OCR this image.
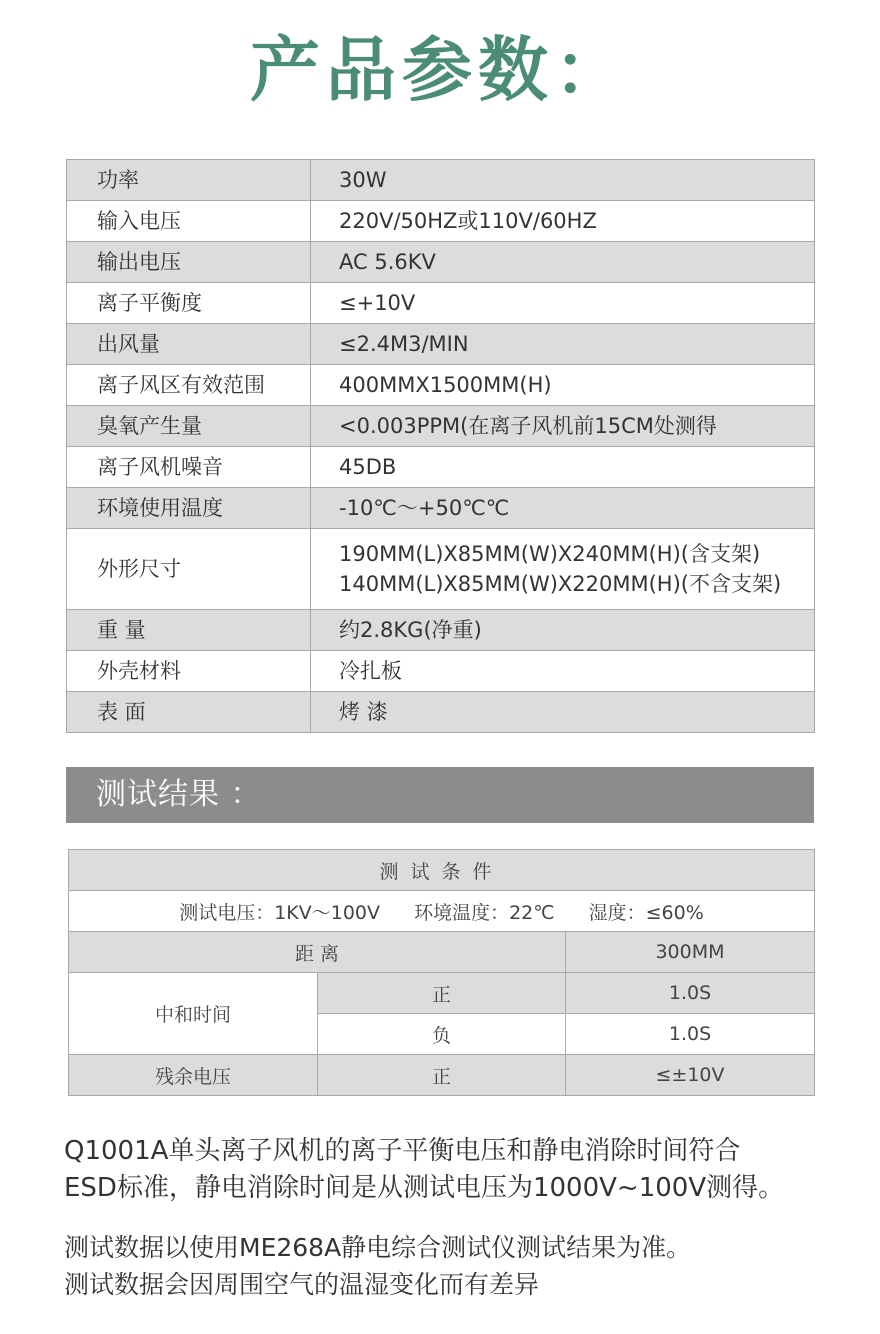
产品参数：
功率	30W
输入电压	220V/50HZ或110V/60HZ
输出电压	AC 5.6KV
离子平衡度	≤+10V
出风量	≤2.4M3/MIN
离子风区有效范围	400MMX1500MM(H)
臭氧产生量	<0.003PPM(在离子风机前15CM处测得
离子风机噪音	45DB
环境使用温度	-10℃～+50℃℃
外形尺寸	190MM(L)X85MM(W)X240MM(H)(含支架)
140MM(L)X85MM(W)X220MM(H)(不含支架)

重 量	约2.8KG(净重)
外壳材料	冷扎板
表 面	烤 漆
测试结果 ：
测试条件		
测试电压：1KV～100V 环境温度：22℃ 湿度：≤60%		
距 离		300MM
中和时间	正	1.0S
	负	1.0S
残余电压	正	≤±10V
Q1001A单头离子风机的离子平衡电压和静电消除时间符合
ESD标准，静电消除时间是从测试电压为1000V~100V测得。
测试数据以使用ME268A静电综合测试仪测试结果为准。
测试数据会因周围空气的温湿变化而有差异
